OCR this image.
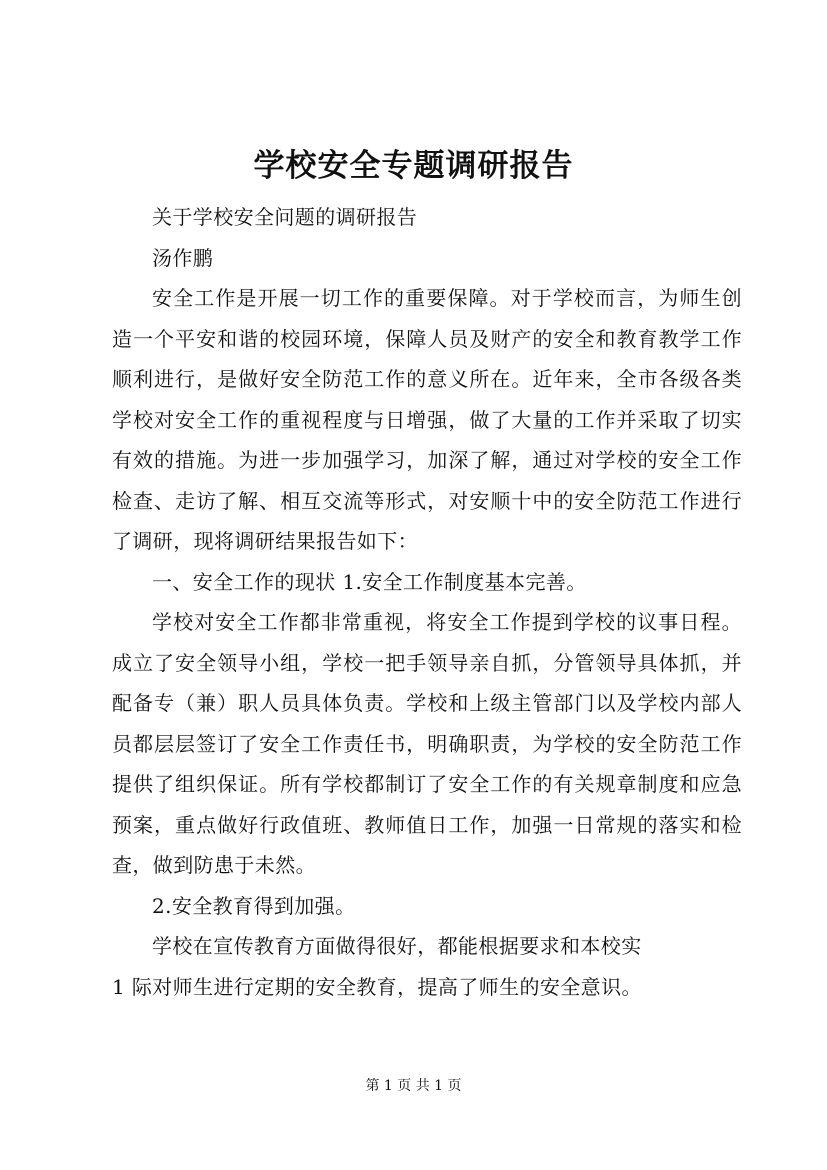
学校安全专题调研报告

关于学校安全问题的调研报告

汤作鹏

安全工作是开展一切工作的重要保障。对于学校而言，为师生创造一个平安和谐的校园环境，保障人员及财产的安全和教育教学工作顺利进行，是做好安全防范工作的意义所在。近年来，全市各级各类学校对安全工作的重视程度与日增强，做了大量的工作并采取了切实有效的措施。为进一步加强学习，加深了解，通过对学校的安全工作检查、走访了解、相互交流等形式，对安顺十中的安全防范工作进行了调研，现将调研结果报告如下：

一、安全工作的现状 1.安全工作制度基本完善。

学校对安全工作都非常重视，将安全工作提到学校的议事日程。成立了安全领导小组，学校一把手领导亲自抓，分管领导具体抓，并配备专（兼）职人员具体负责。学校和上级主管部门以及学校内部人员都层层签订了安全工作责任书，明确职责，为学校的安全防范工作提供了组织保证。所有学校都制订了安全工作的有关规章制度和应急预案，重点做好行政值班、教师值日工作，加强一日常规的落实和检查，做到防患于未然。

2.安全教育得到加强。

学校在宣传教育方面做得很好，都能根据要求和本校实

1 际对师生进行定期的安全教育，提高了师生的安全意识。

第 1 页 共 1 页
